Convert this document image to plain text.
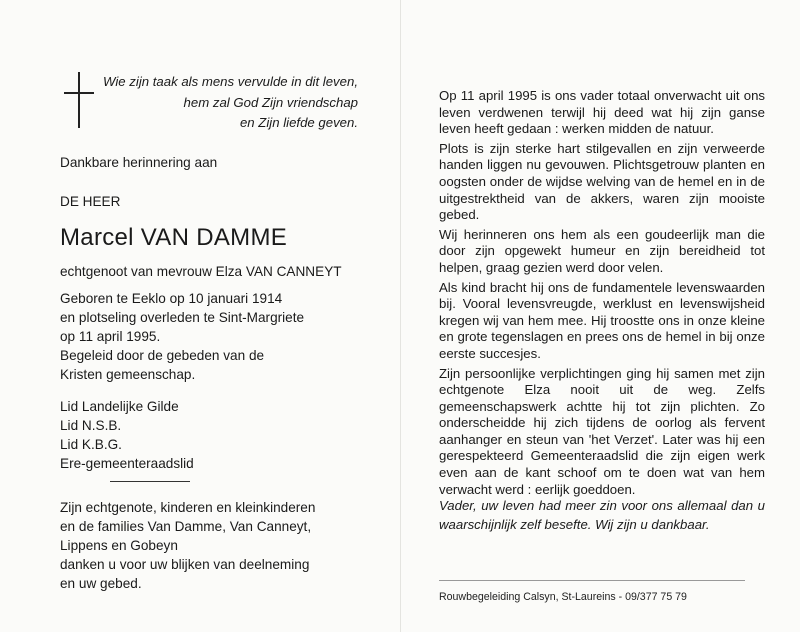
Wie zijn taak als mens vervulde in dit leven,
hem zal God Zijn vriendschap
en Zijn liefde geven.
Dankbare herinnering aan
DE HEER
Marcel VAN DAMME
echtgenoot van mevrouw Elza VAN CANNEYT
Geboren te Eeklo op 10 januari 1914
en plotseling overleden te Sint-Margriete
op 11 april 1995.
Begeleid door de gebeden van de
Kristen gemeenschap.
Lid Landelijke Gilde
Lid N.S.B.
Lid K.B.G.
Ere-gemeenteraadslid
Zijn echtgenote, kinderen en kleinkinderen
en de families Van Damme, Van Canneyt,
Lippens en Gobeyn
danken u voor uw blijken van deelneming
en uw gebed.

Op 11 april 1995 is ons vader totaal onverwacht uit ons leven verdwenen terwijl hij deed wat hij zijn ganse leven heeft gedaan : werken midden de natuur.

Plots is zijn sterke hart stilgevallen en zijn verweerde handen liggen nu gevouwen. Plichtsgetrouw planten en oogsten onder de wijdse welving van de hemel en in de uitgestrektheid van de akkers, waren zijn mooiste gebed.

Wij herinneren ons hem als een goudeerlijk man die door zijn opgewekt humeur en zijn bereidheid tot helpen, graag gezien werd door velen.

Als kind bracht hij ons de fundamentele levenswaarden bij. Vooral levensvreugde, werklust en levenswijsheid kregen wij van hem mee. Hij troostte ons in onze kleine en grote tegenslagen en prees ons de hemel in bij onze eerste succesjes.

Zijn persoonlijke verplichtingen ging hij samen met zijn echtgenote Elza nooit uit de weg. Zelfs gemeenschapswerk achtte hij tot zijn plichten. Zo onderscheidde hij zich tijdens de oorlog als fervent aanhanger en steun van 'het Verzet'. Later was hij een gerespekteerd Gemeenteraadslid die zijn eigen werk even aan de kant schoof om te doen wat van hem verwacht werd : eerlijk goeddoen.

Vader, uw leven had meer zin voor ons allemaal dan u waarschijnlijk zelf besefte. Wij zijn u dankbaar.
Rouwbegeleiding Calsyn, St-Laureins - 09/377 75 79
